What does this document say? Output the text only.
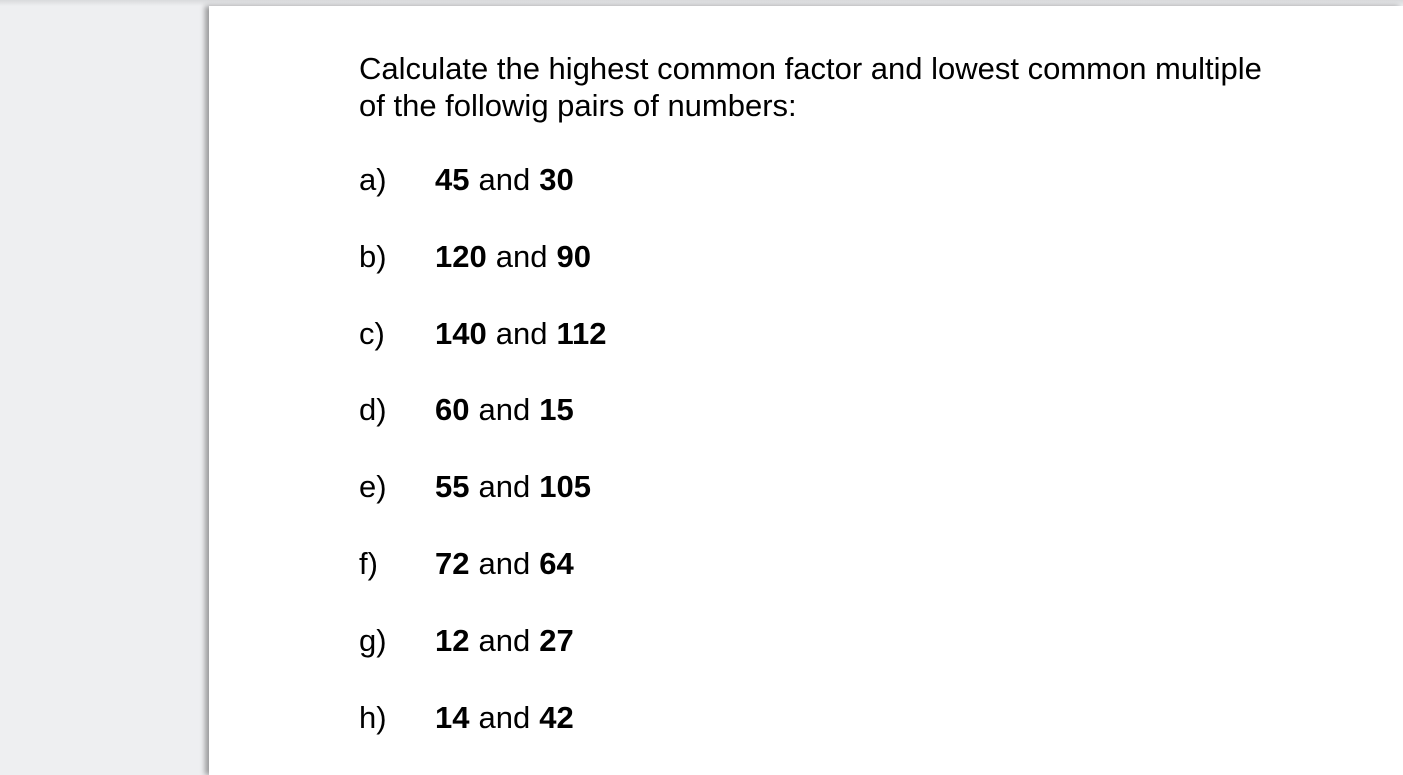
Calculate the highest common factor and lowest common multiple
of the followig pairs of numbers:

a)	45 and 30
b)	120 and 90
c)	140 and 112
d)	60 and 15
e)	55 and 105
f)	72 and 64
g)	12 and 27
h)	14 and 42
